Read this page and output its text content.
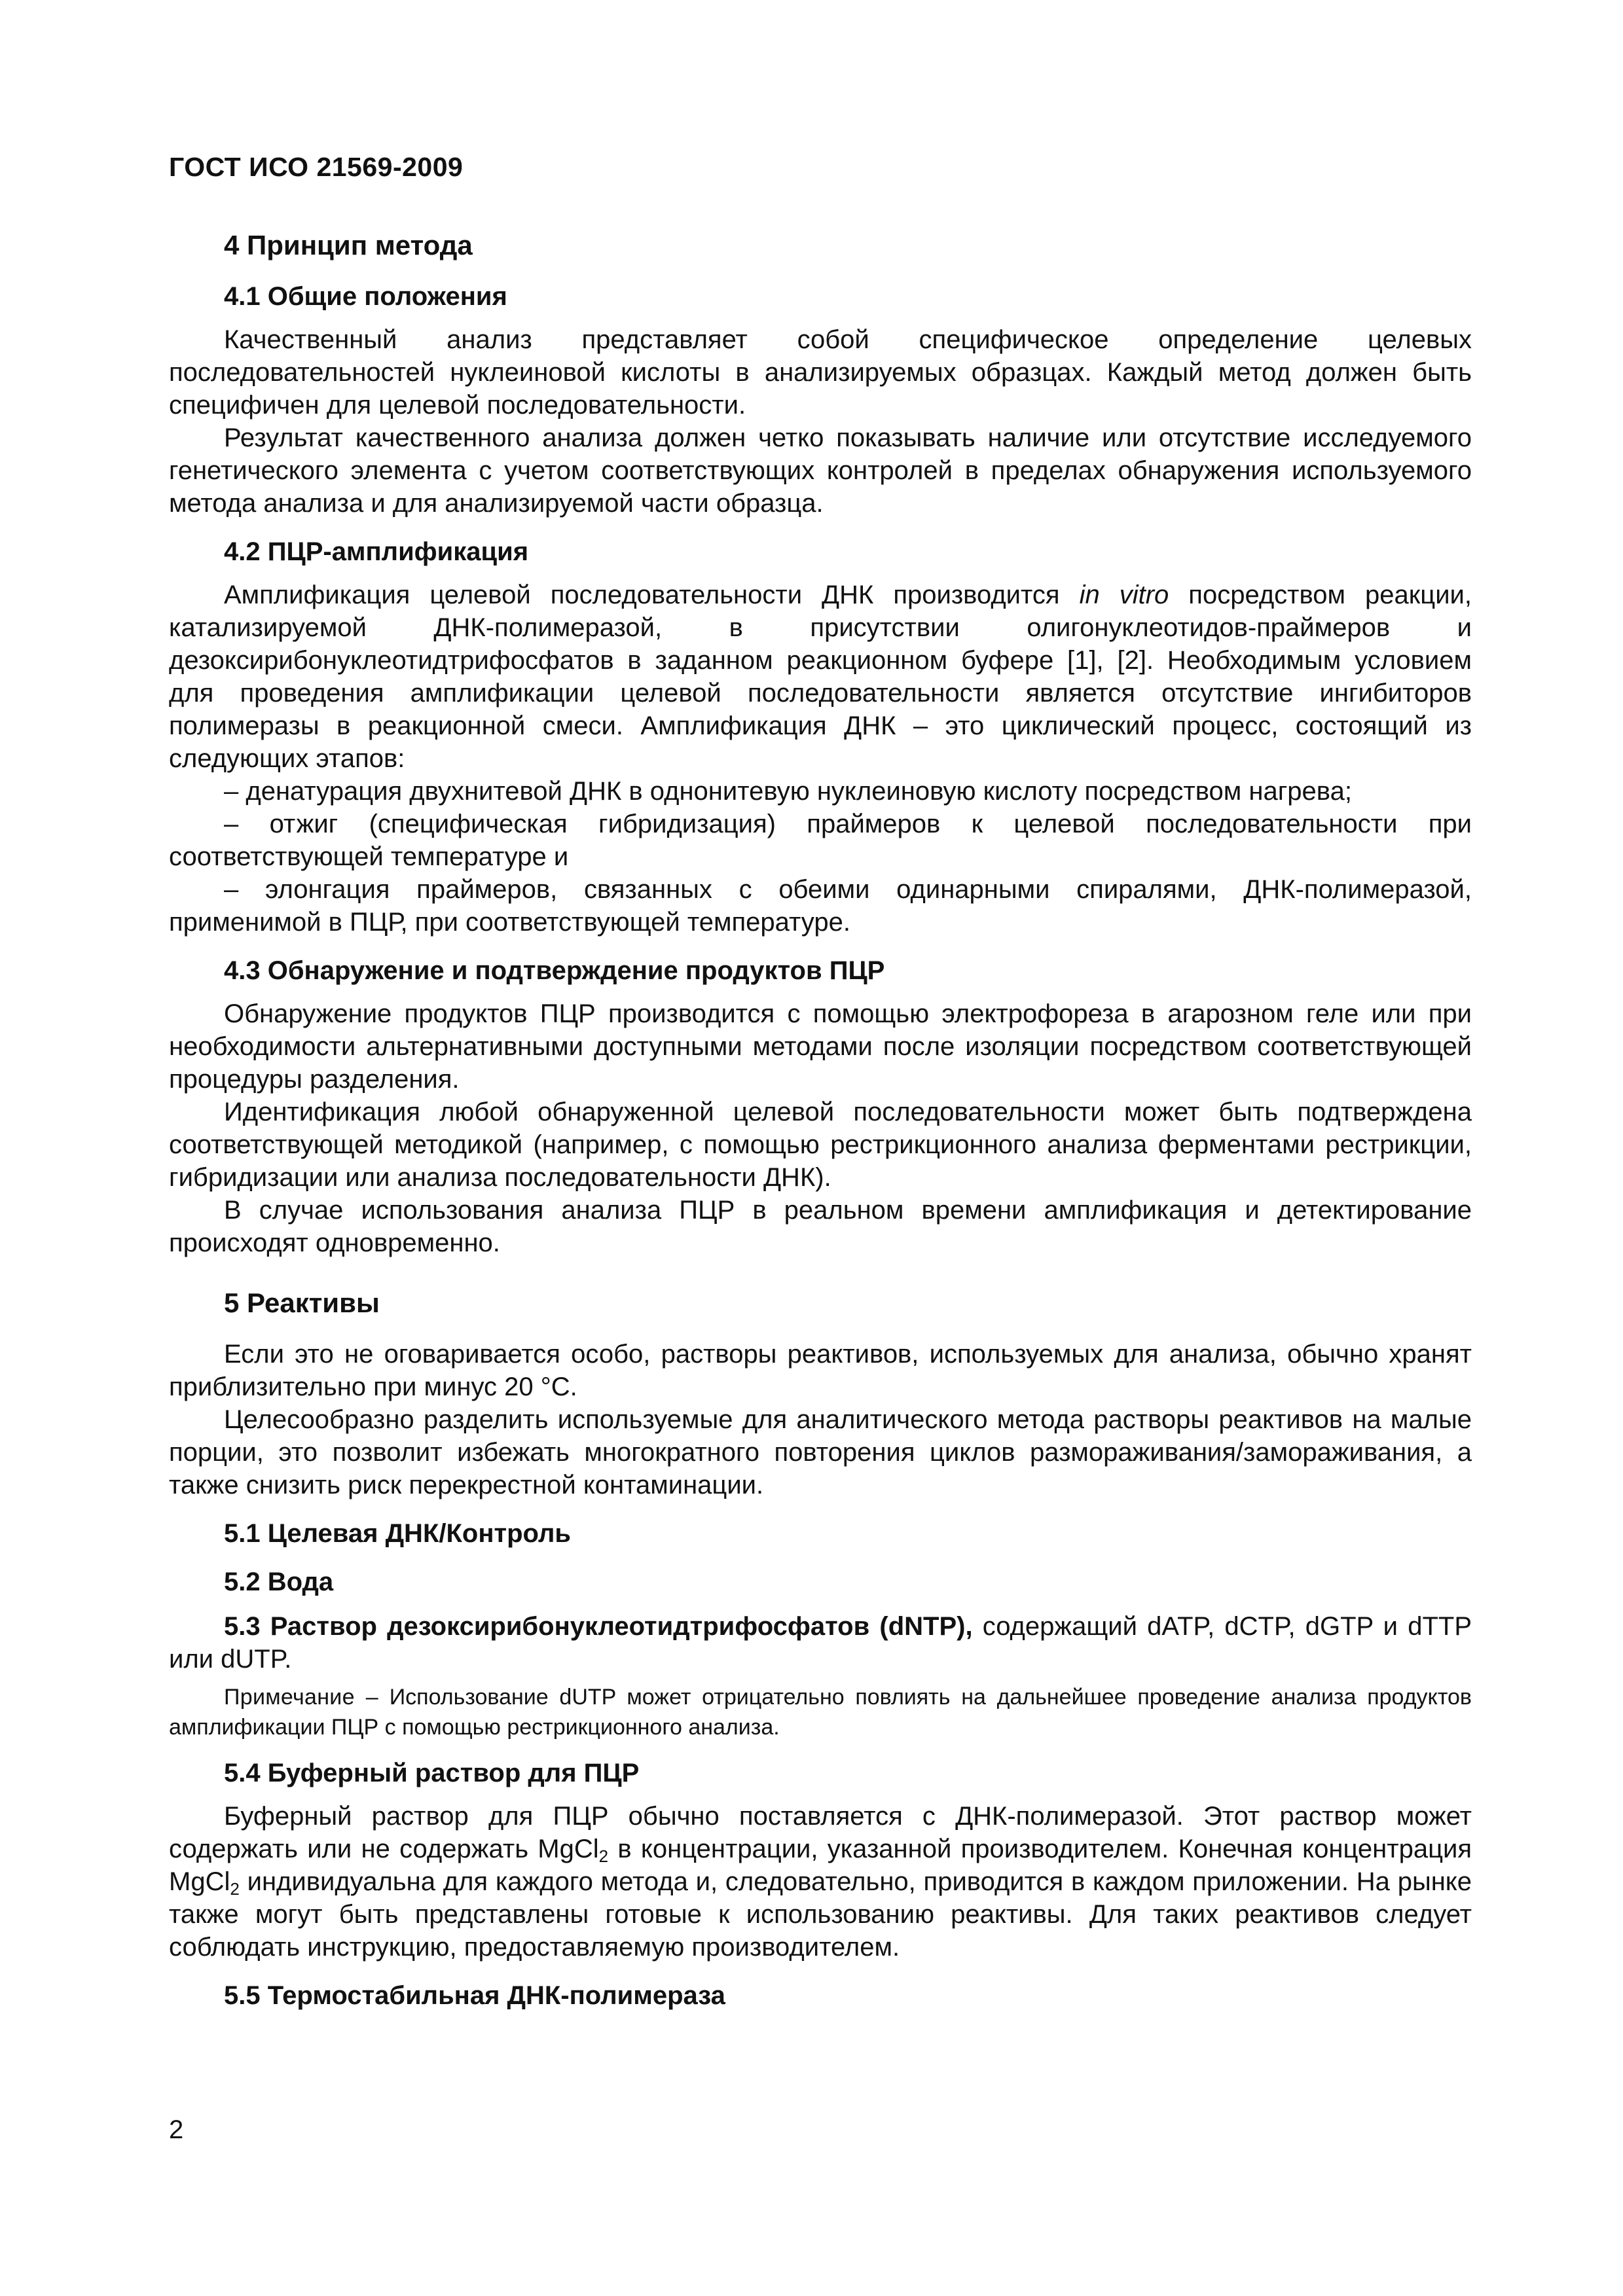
ГОСТ ИСО 21569-2009
4 Принцип метода
4.1 Общие положения

Качественный анализ представляет собой специфическое определение целевых последовательностей нуклеиновой кислоты в анализируемых образцах. Каждый метод должен быть специфичен для целевой последовательности.

Результат качественного анализа должен четко показывать наличие или отсутствие исследуемого генетического элемента с учетом соответствующих контролей в пределах обнаружения используемого метода анализа и для анализируемой части образца.

4.2 ПЦР-амплификация

Амплификация целевой последовательности ДНК производится in vitro посредством реакции, катализируемой ДНК-полимеразой, в присутствии олигонуклеотидов-праймеров и дезоксирибонуклеотидтрифосфатов в заданном реакционном буфере [1], [2]. Необходимым условием для проведения амплификации целевой последовательности является отсутствие ингибиторов полимеразы в реакционной смеси. Амплификация ДНК – это циклический процесс, состоящий из следующих этапов:

– денатурация двухнитевой ДНК в однонитевую нуклеиновую кислоту посредством нагрева;

– отжиг (специфическая гибридизация) праймеров к целевой последовательности при соответствующей температуре и

– элонгация праймеров, связанных с обеими одинарными спиралями, ДНК-полимеразой, применимой в ПЦР, при соответствующей температуре.

4.3 Обнаружение и подтверждение продуктов ПЦР

Обнаружение продуктов ПЦР производится с помощью электрофореза в агарозном геле или при необходимости альтернативными доступными методами после изоляции посредством соответствующей процедуры разделения.

Идентификация любой обнаруженной целевой последовательности может быть подтверждена соответствующей методикой (например, с помощью рестрикционного анализа ферментами рестрикции, гибридизации или анализа последовательности ДНК).

В случае использования анализа ПЦР в реальном времени амплификация и детектирование происходят одновременно.

5 Реактивы

Если это не оговаривается особо, растворы реактивов, используемых для анализа, обычно хранят приблизительно при минус 20 °С.

Целесообразно разделить используемые для аналитического метода растворы реактивов на малые порции, это позволит избежать многократного повторения циклов размораживания/замораживания, а также снизить риск перекрестной контаминации.

5.1 Целевая ДНК/Контроль
5.2 Вода

5.3 Раствор дезоксирибонуклеотидтрифосфатов (dNTP), содержащий dATP, dCTP, dGTP и dTTP или dUTP.

Примечание – Использование dUTP может отрицательно повлиять на дальнейшее проведение анализа продуктов амплификации ПЦР с помощью рестрикционного анализа.
5.4 Буферный раствор для ПЦР

Буферный раствор для ПЦР обычно поставляется с ДНК-полимеразой. Этот раствор может содержать или не содержать MgCl$_2$ в концентрации, указанной производителем. Конечная концентрация MgCl$_2$ индивидуальна для каждого метода и, следовательно, приводится в каждом приложении. На рынке также могут быть представлены готовые к использованию реактивы. Для таких реактивов следует соблюдать инструкцию, предоставляемую производителем.

5.5 Термостабильная ДНК-полимераза
2
